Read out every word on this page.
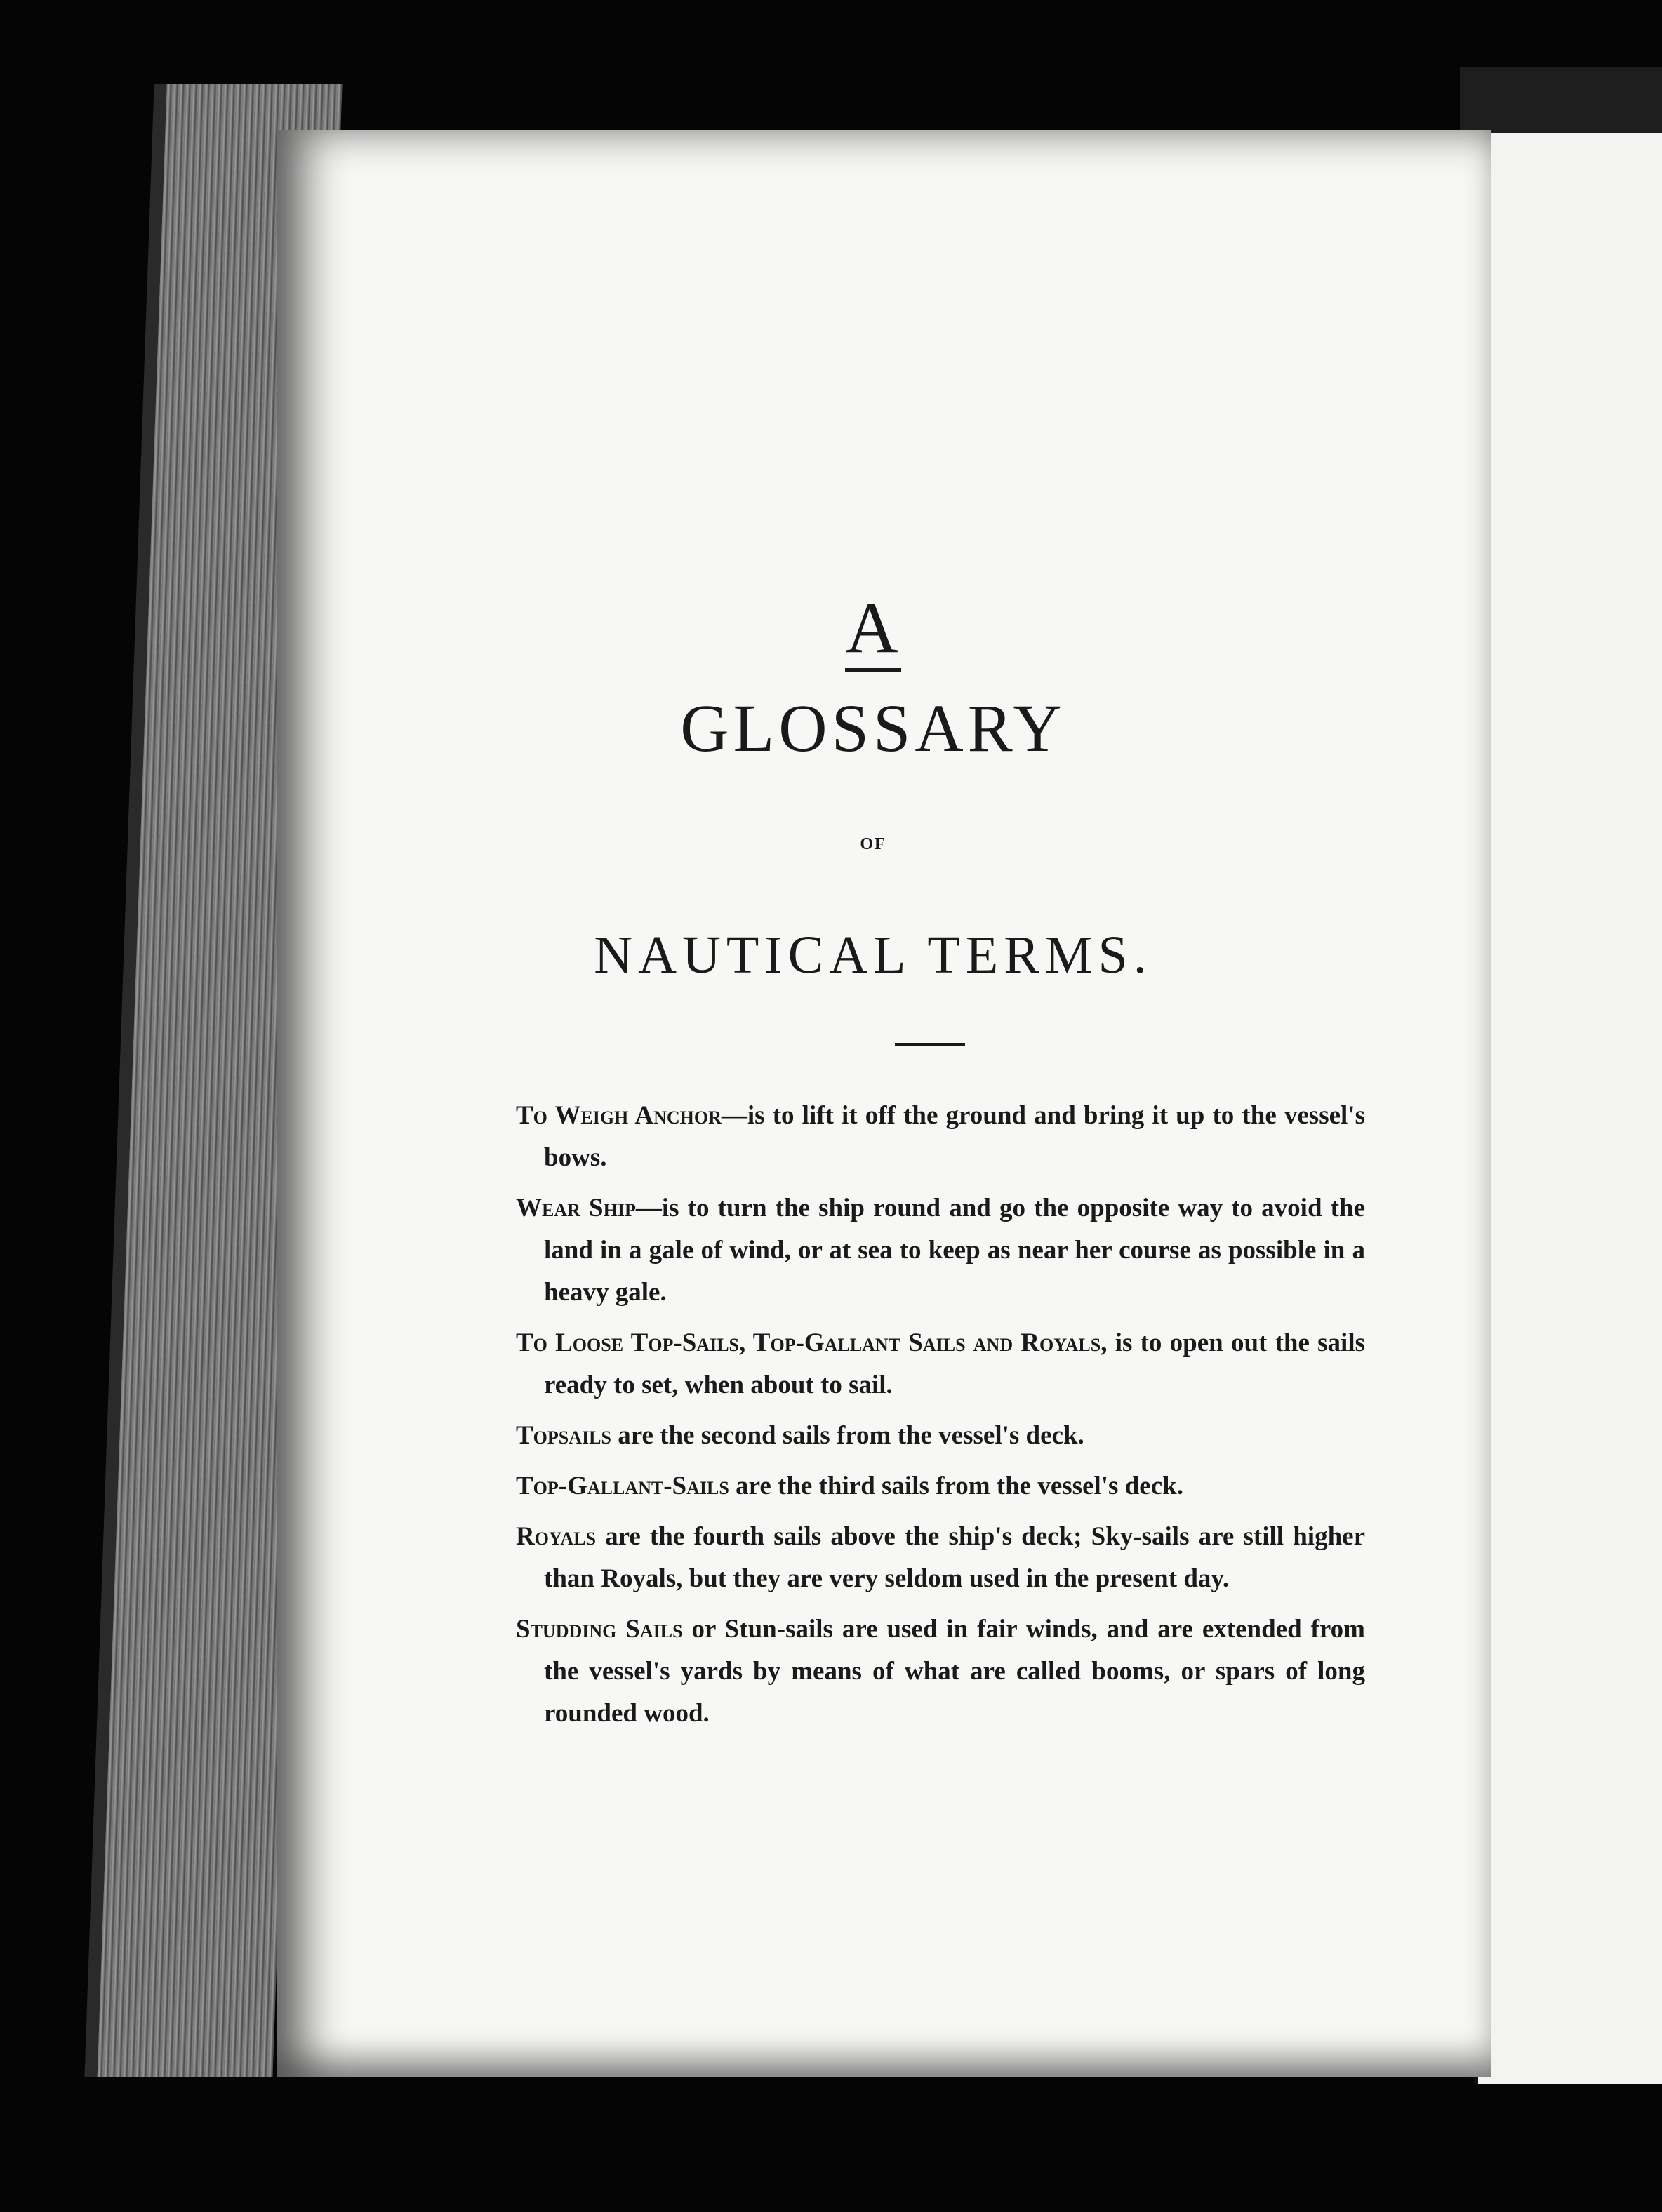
A
GLOSSARY
OF
NAUTICAL TERMS.

To Weigh Anchor—is to lift it off the ground and bring it up to the vessel's bows.

Wear Ship—is to turn the ship round and go the opposite way to avoid the land in a gale of wind, or at sea to keep as near her course as possible in a heavy gale.

To Loose Top-Sails, Top-Gallant Sails and Royals, is to open out the sails ready to set, when about to sail.

Topsails are the second sails from the vessel's deck.

Top-Gallant-Sails are the third sails from the vessel's deck.

Royals are the fourth sails above the ship's deck; Sky-sails are still higher than Royals, but they are very seldom used in the present day.

Studding Sails or Stun-sails are used in fair winds, and are extended from the vessel's yards by means of what are called booms, or spars of long rounded wood.
